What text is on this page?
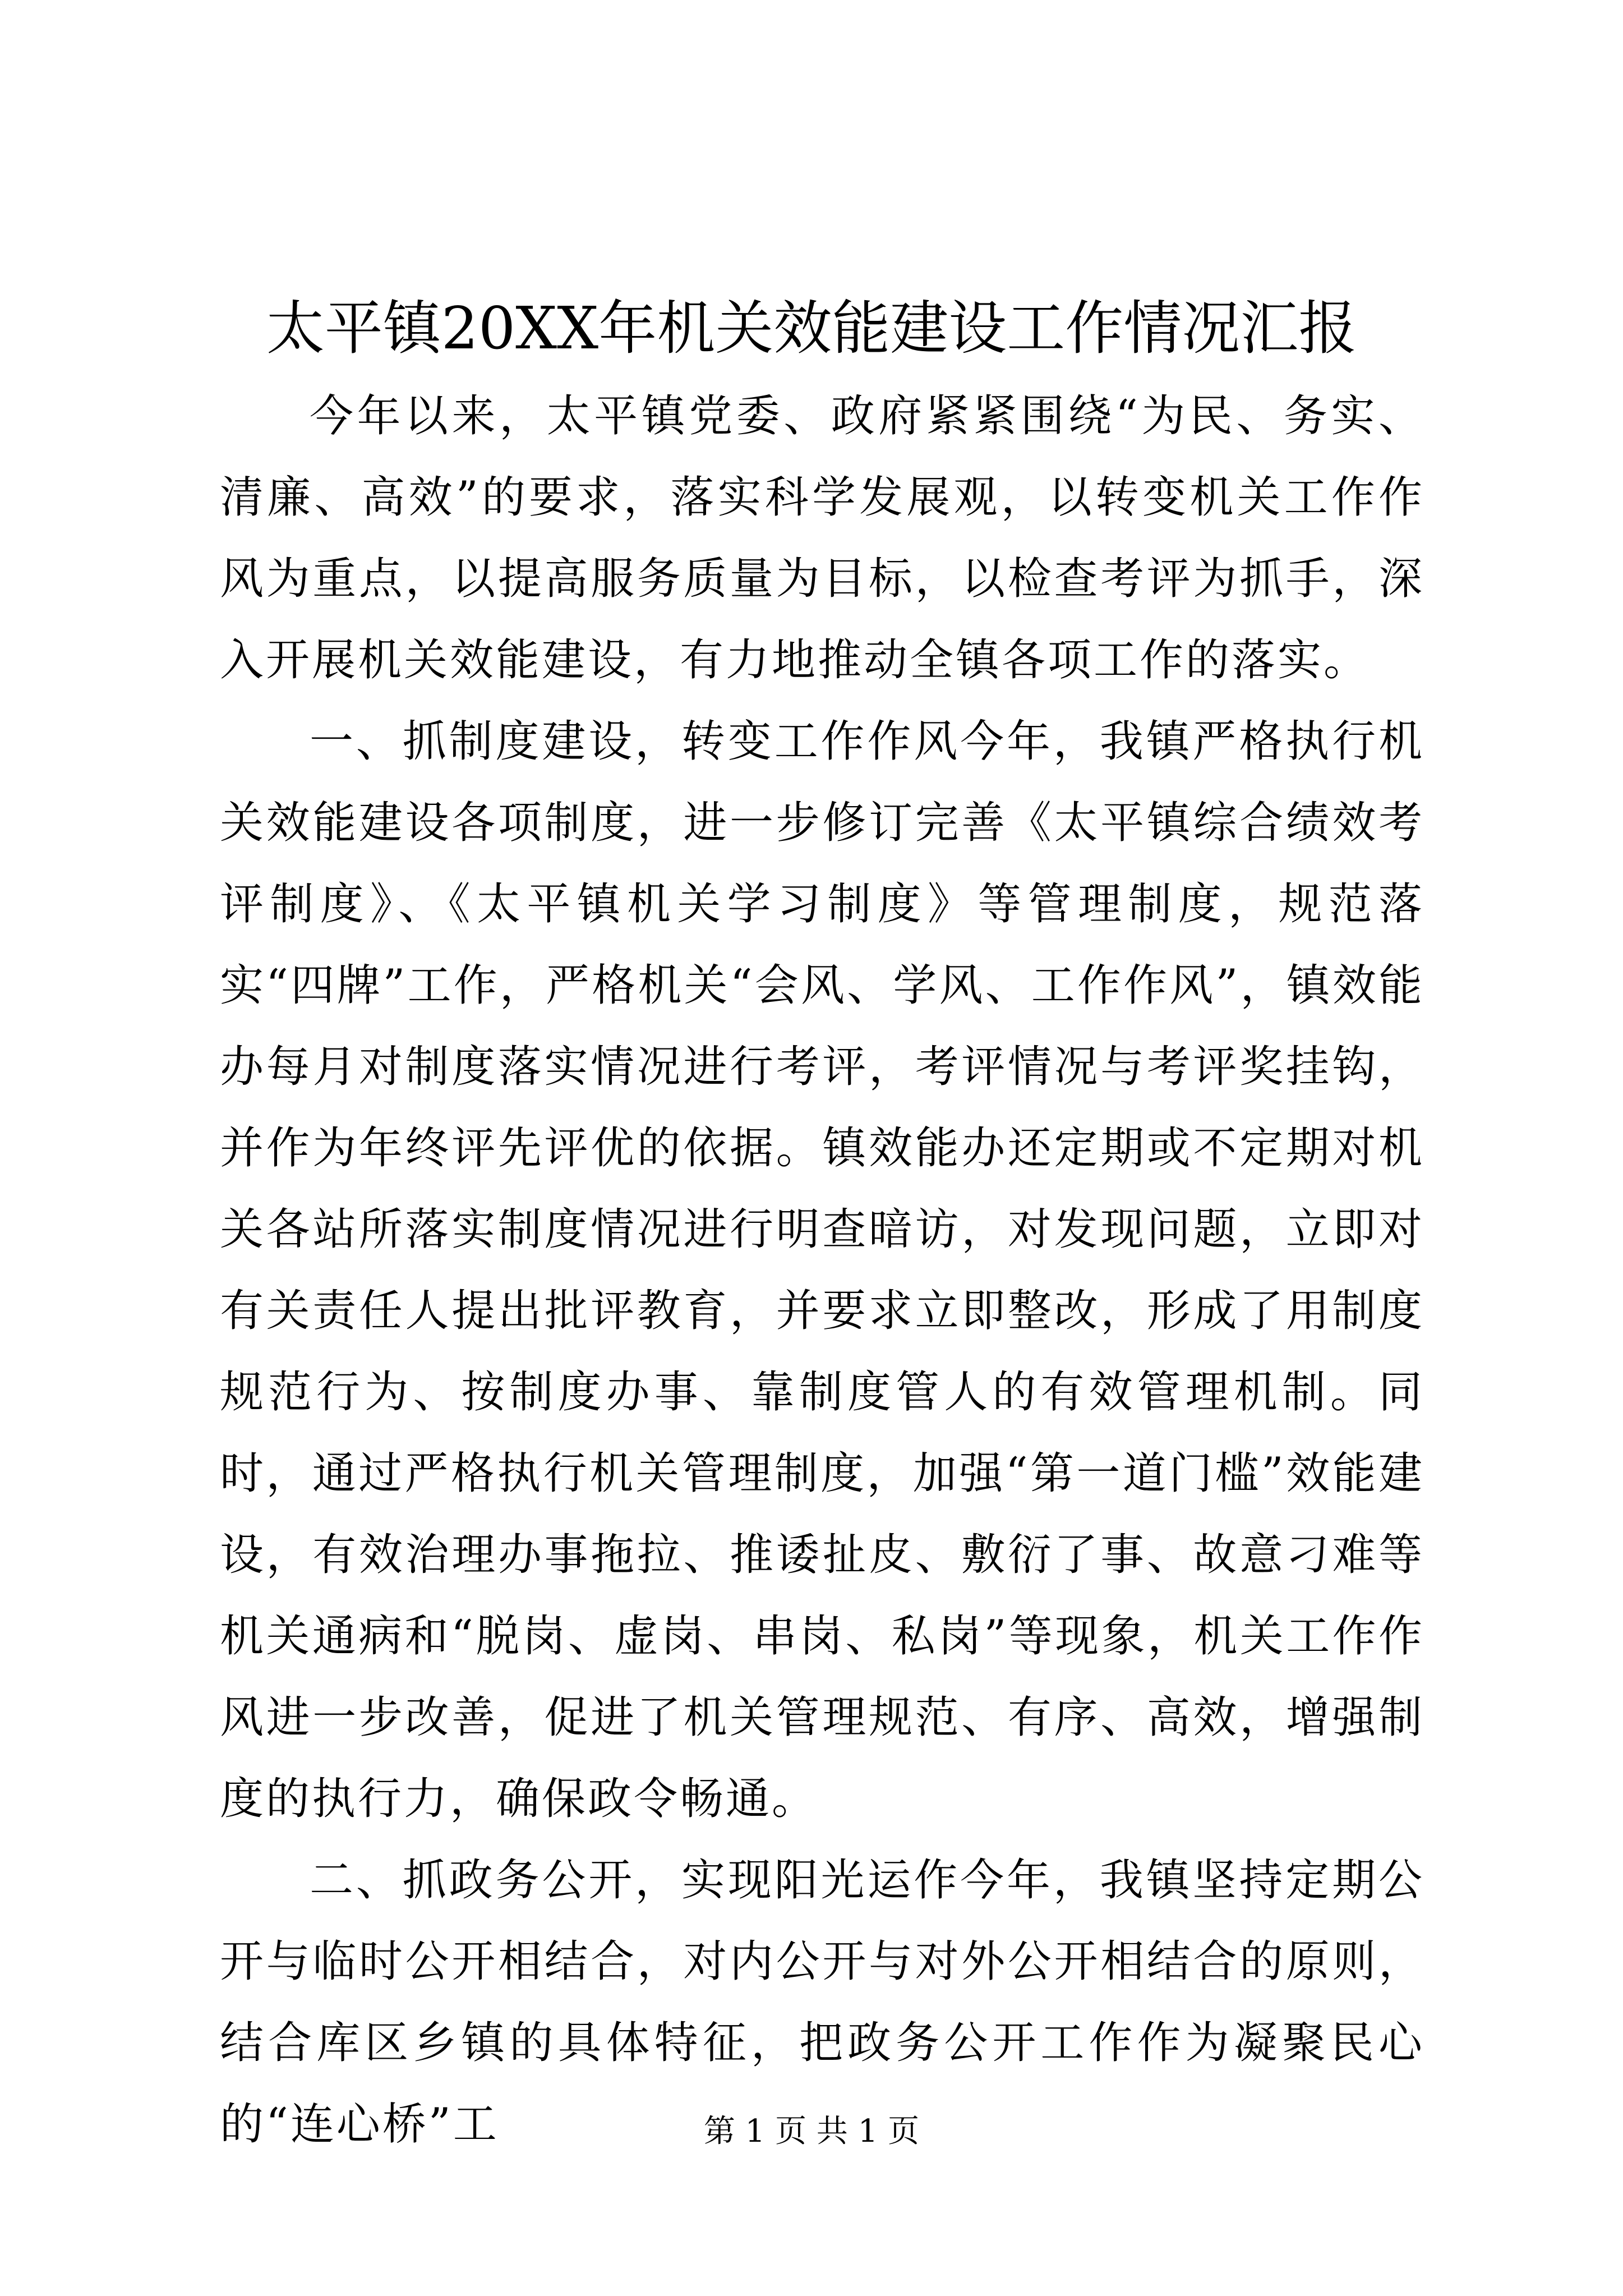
太平镇20XX年机关效能建设工作情况汇报

今年以来，太平镇党委、政府紧紧围绕“为民、务实、清廉、高效”的要求，落实科学发展观，以转变机关工作作风为重点，以提高服务质量为目标，以检查考评为抓手，深入开展机关效能建设，有力地推动全镇各项工作的落实。

一、抓制度建设，转变工作作风今年，我镇严格执行机关效能建设各项制度，进一步修订完善《太平镇综合绩效考评制度》、《太平镇机关学习制度》等管理制度，规范落实“四牌”工作，严格机关“会风、学风、工作作风”，镇效能办每月对制度落实情况进行考评，考评情况与考评奖挂钩，并作为年终评先评优的依据。镇效能办还定期或不定期对机关各站所落实制度情况进行明查暗访，对发现问题，立即对有关责任人提出批评教育，并要求立即整改，形成了用制度规范行为、按制度办事、靠制度管人的有效管理机制。同时，通过严格执行机关管理制度，加强“第一道门槛”效能建设，有效治理办事拖拉、推诿扯皮、敷衍了事、故意刁难等机关通病和“脱岗、虚岗、串岗、私岗”等现象，机关工作作风进一步改善，促进了机关管理规范、有序、高效，增强制度的执行力，确保政令畅通。

二、抓政务公开，实现阳光运作今年，我镇坚持定期公开与临时公开相结合，对内公开与对外公开相结合的原则，结合库区乡镇的具体特征，把政务公开工作作为凝聚民心的“连心桥”工	第 1 页 共 1 页
